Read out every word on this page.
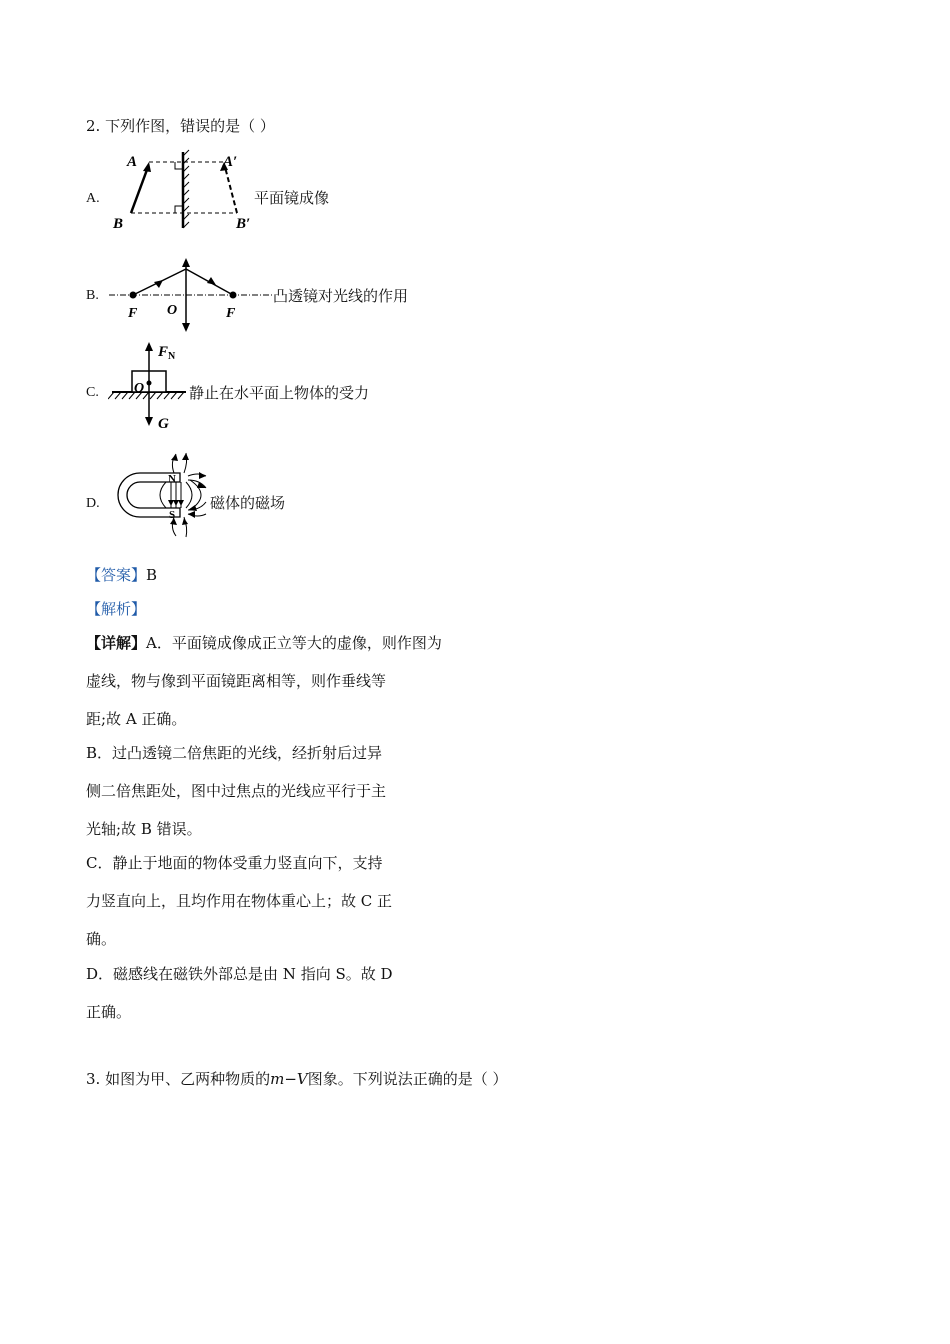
2. 下列作图，错误的是（ ）
A.
A	A′
B	B′
平面镜成像
B.
F O	F
凸透镜对光线的作用
C.
F N
O
G
静止在水平面上物体的受力
D.
N
S
磁体的磁场
【答案】B
【解析】
【详解】A．平面镜成像成正立等大的虚像，则作图为
虚线，物与像到平面镜距离相等，则作垂线等
距;故 A 正确。
B．过凸透镜二倍焦距的光线，经折射后过异
侧二倍焦距处，图中过焦点的光线应平行于主
光轴;故 B 错误。
C．静止于地面的物体受重力竖直向下，支持
力竖直向上，且均作用在物体重心上；故 C 正
确。
D．磁感线在磁铁外部总是由 N 指向 S。故 D
正确。
3. 如图为甲、乙两种物质的m−V图象。下列说法正确的是（ ）
